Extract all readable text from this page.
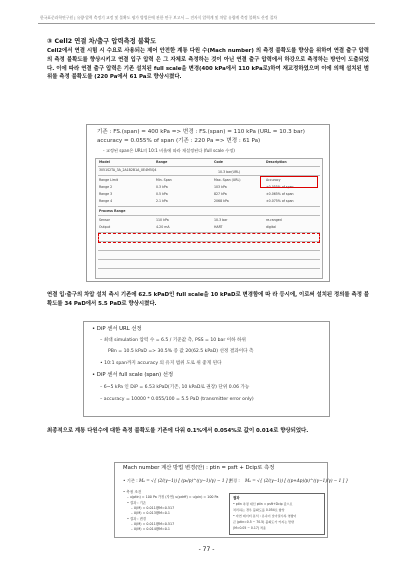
한국표준과학연구원 | 유량·압력 측정기 교정 및 불확도 평가 방법론에 관한 연구 보고서 — 전자식 압력계 및 차압 유량계 측정 불확도 산정 절차
③ Cell2 연결 차/출구 압력측정 불확도
Cell2에서 연결 시험 시 수요로 사용되는 제어 안전한 계통 다원 수(Mach number) 의 측정 불확도를 향상을 위하여 연결 출구 압력의 측정 불확도를 향상시키고 연결 입구 압력 은 그 자체로 측정하는 것이 아닌 연결 출구 압력에서 하강으로 측정하는 방안이 도출되었 다. 이에 따라 연결 출구 압력은 기존 설치된 full scale을 변경(400 kPa에서 110 kPa로)하여 재교정하였으며 이에 의해 설치된 범위를 측정 불확도를 (220 Pa에서 61 Pa로 향상시켰다.
기존 : FS.(span) = 400 kPa => 변경 : FS.(span) = 110 kPa (URL = 10.3 bar)
accuracy = 0.055% of span (기존 : 220 Pa => 변경 : 61 Pa)
- 교정된 span은 URL의 10:1 비율에 따라 재설정된다 (full scale 수정)
Model	Range	Code	Description
3051S2TA_3A_2A1B2B1A_XE4M5Q4
Range Limit	Min. Span	Max. Span (URL)	Accuracy
Range 2	0.3 kPa	103 kPa	±0.055% of span
Range 3	0.5 kPa	827 kPa	±0.065% of span
Range 4	2.1 kPa	2068 kPa	±0.075% of span
Process Range
Sensor	110 kPa	10.3 bar	re-ranged
Output	4-20 mA	HART	digital
10.3 bar(URL)
연결 입·출구의 차압 설치 측시 기존에 62.5 kPaD인 full scale을 10 kPaD로 변경함에 따 라 등시에, 이로써 설치된 정의를 측정 불확도를 34 PaD에서 5.5 PaD로 향상시켰다.
• DiP 센서 URL 선정
– 최대 simulation 압력 수 = 6.5 / 기준값 측, PSS = 10 bar 이하 하위
PBn = 10.5 kPaD => 30.5% 증 값 20(62.5 kPaD) 선정 결과이다 측
• 10:1 span까지 accuracy 의 유지 범위 도로 위 좋게 된다
• DiP 센서 full scale (span) 선정
– 6~5 kPa 인 DiP = 6.53 kPaD(기존, 10 kPaD로 권장) 단위 0.06 가능
– accuracy = 10000 * 0.055/100 = 5.5 PaD (transmitter error only)
최종적으로 계통 다원수에 대한 측정 불확도를 기존에 다워 0.1%에서 0.054%로 값이 0.014로 향상되었다.
Mach number 계산 방법 변경(안) : ptin = psft + Dcip로 측정
• 기존 : Mₑ = √{ (2/(γ−1)) [ (p₀/p)^((γ−1)/γ) − 1 ] }
변경 : Mₑ = √{ (2/(γ−1)) [ ((p+Δp)/p)^((γ−1)/γ) − 1 ] }
• 측정 조건
– u(ptin) = 100 Pa 가정 (자연) u(pdrff) = u(pin) = 100 Pa
• 결과 : 기존
– U(M) = 0.011@M=0.517
– U(M) = 0.013@M=0.1
• 결과 : 변경
– U(M) = 0.011@M=0.517
– U(M) = 0.014@M=0.1
결과
• ptin 측정 대신 ptin = psft+Dcip 값으로
처리하는 경우 불확도를 0.054로 향상
• 자연 데이터 분석 : 유속이 낮아질수록 영향이
큰 (ptin=0.5 ~ 70.5) 불확도가 커지는 반면
(M=0.05 ~ 0.17) 적용
- 77 -
